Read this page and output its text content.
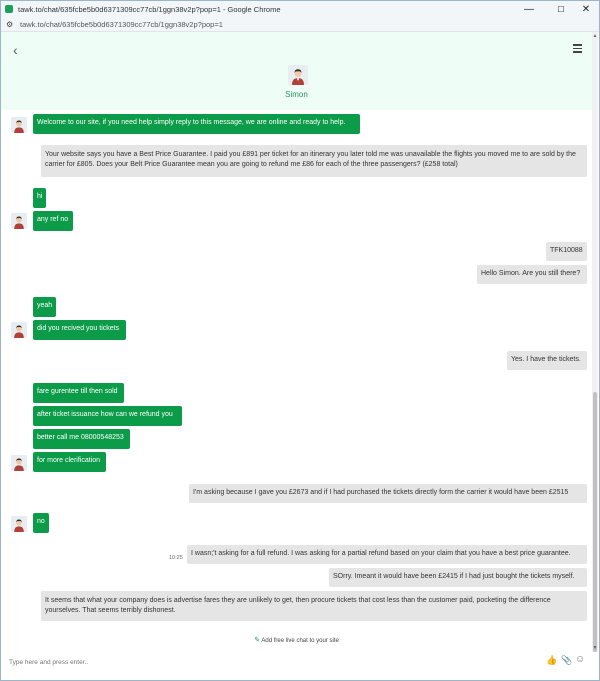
tawk.to/chat/635fcbe5b0d6371309cc77cb/1ggn38v2p?pop=1 - Google Chrome	—	☐	✕
⚙ tawk.to/chat/635fcbe5b0d6371309cc77cb/1ggn38v2p?pop=1
‹
Simon
▲
▼
Welcome to our site, if you need help simply reply to this message, we are online and ready to help.
Your website says you have a Best Price Guarantee. I paid you £891 per ticket for an itinerary you later told me was unavailable the flights you moved me to are sold by the carrier for £805. Does your Belt Price Guarantee mean you are going to refund me £86 for each of the three passengers? (£258 total)
hi
any ref no
TFK10088
Hello Simon. Are you still there?
yeah
did you recived you tickets
Yes. I have the tickets.
fare gurentee till then sold
after ticket issuance how can we refund you
better call me 08000548253
for more clerification
I'm asking because I gave you £2673 and if I had purchased the tickets directly form the carrier it would have been £2515
no
10:25
I wasn;'t asking for a full refund. I was asking for a partial refund based on your claim that you have a best price guarantee.
SOrry. Imeant it would have been £2415 if I had just bought the tickets myself.
It seems that what your company does is advertise fares they are unlikely to get, then procure tickets that cost less than the customer paid, pocketing the difference yourselves. That seems terribly dishonest.
✎ Add free live chat to your site
Type here and press enter..
👍 📎 ☺
